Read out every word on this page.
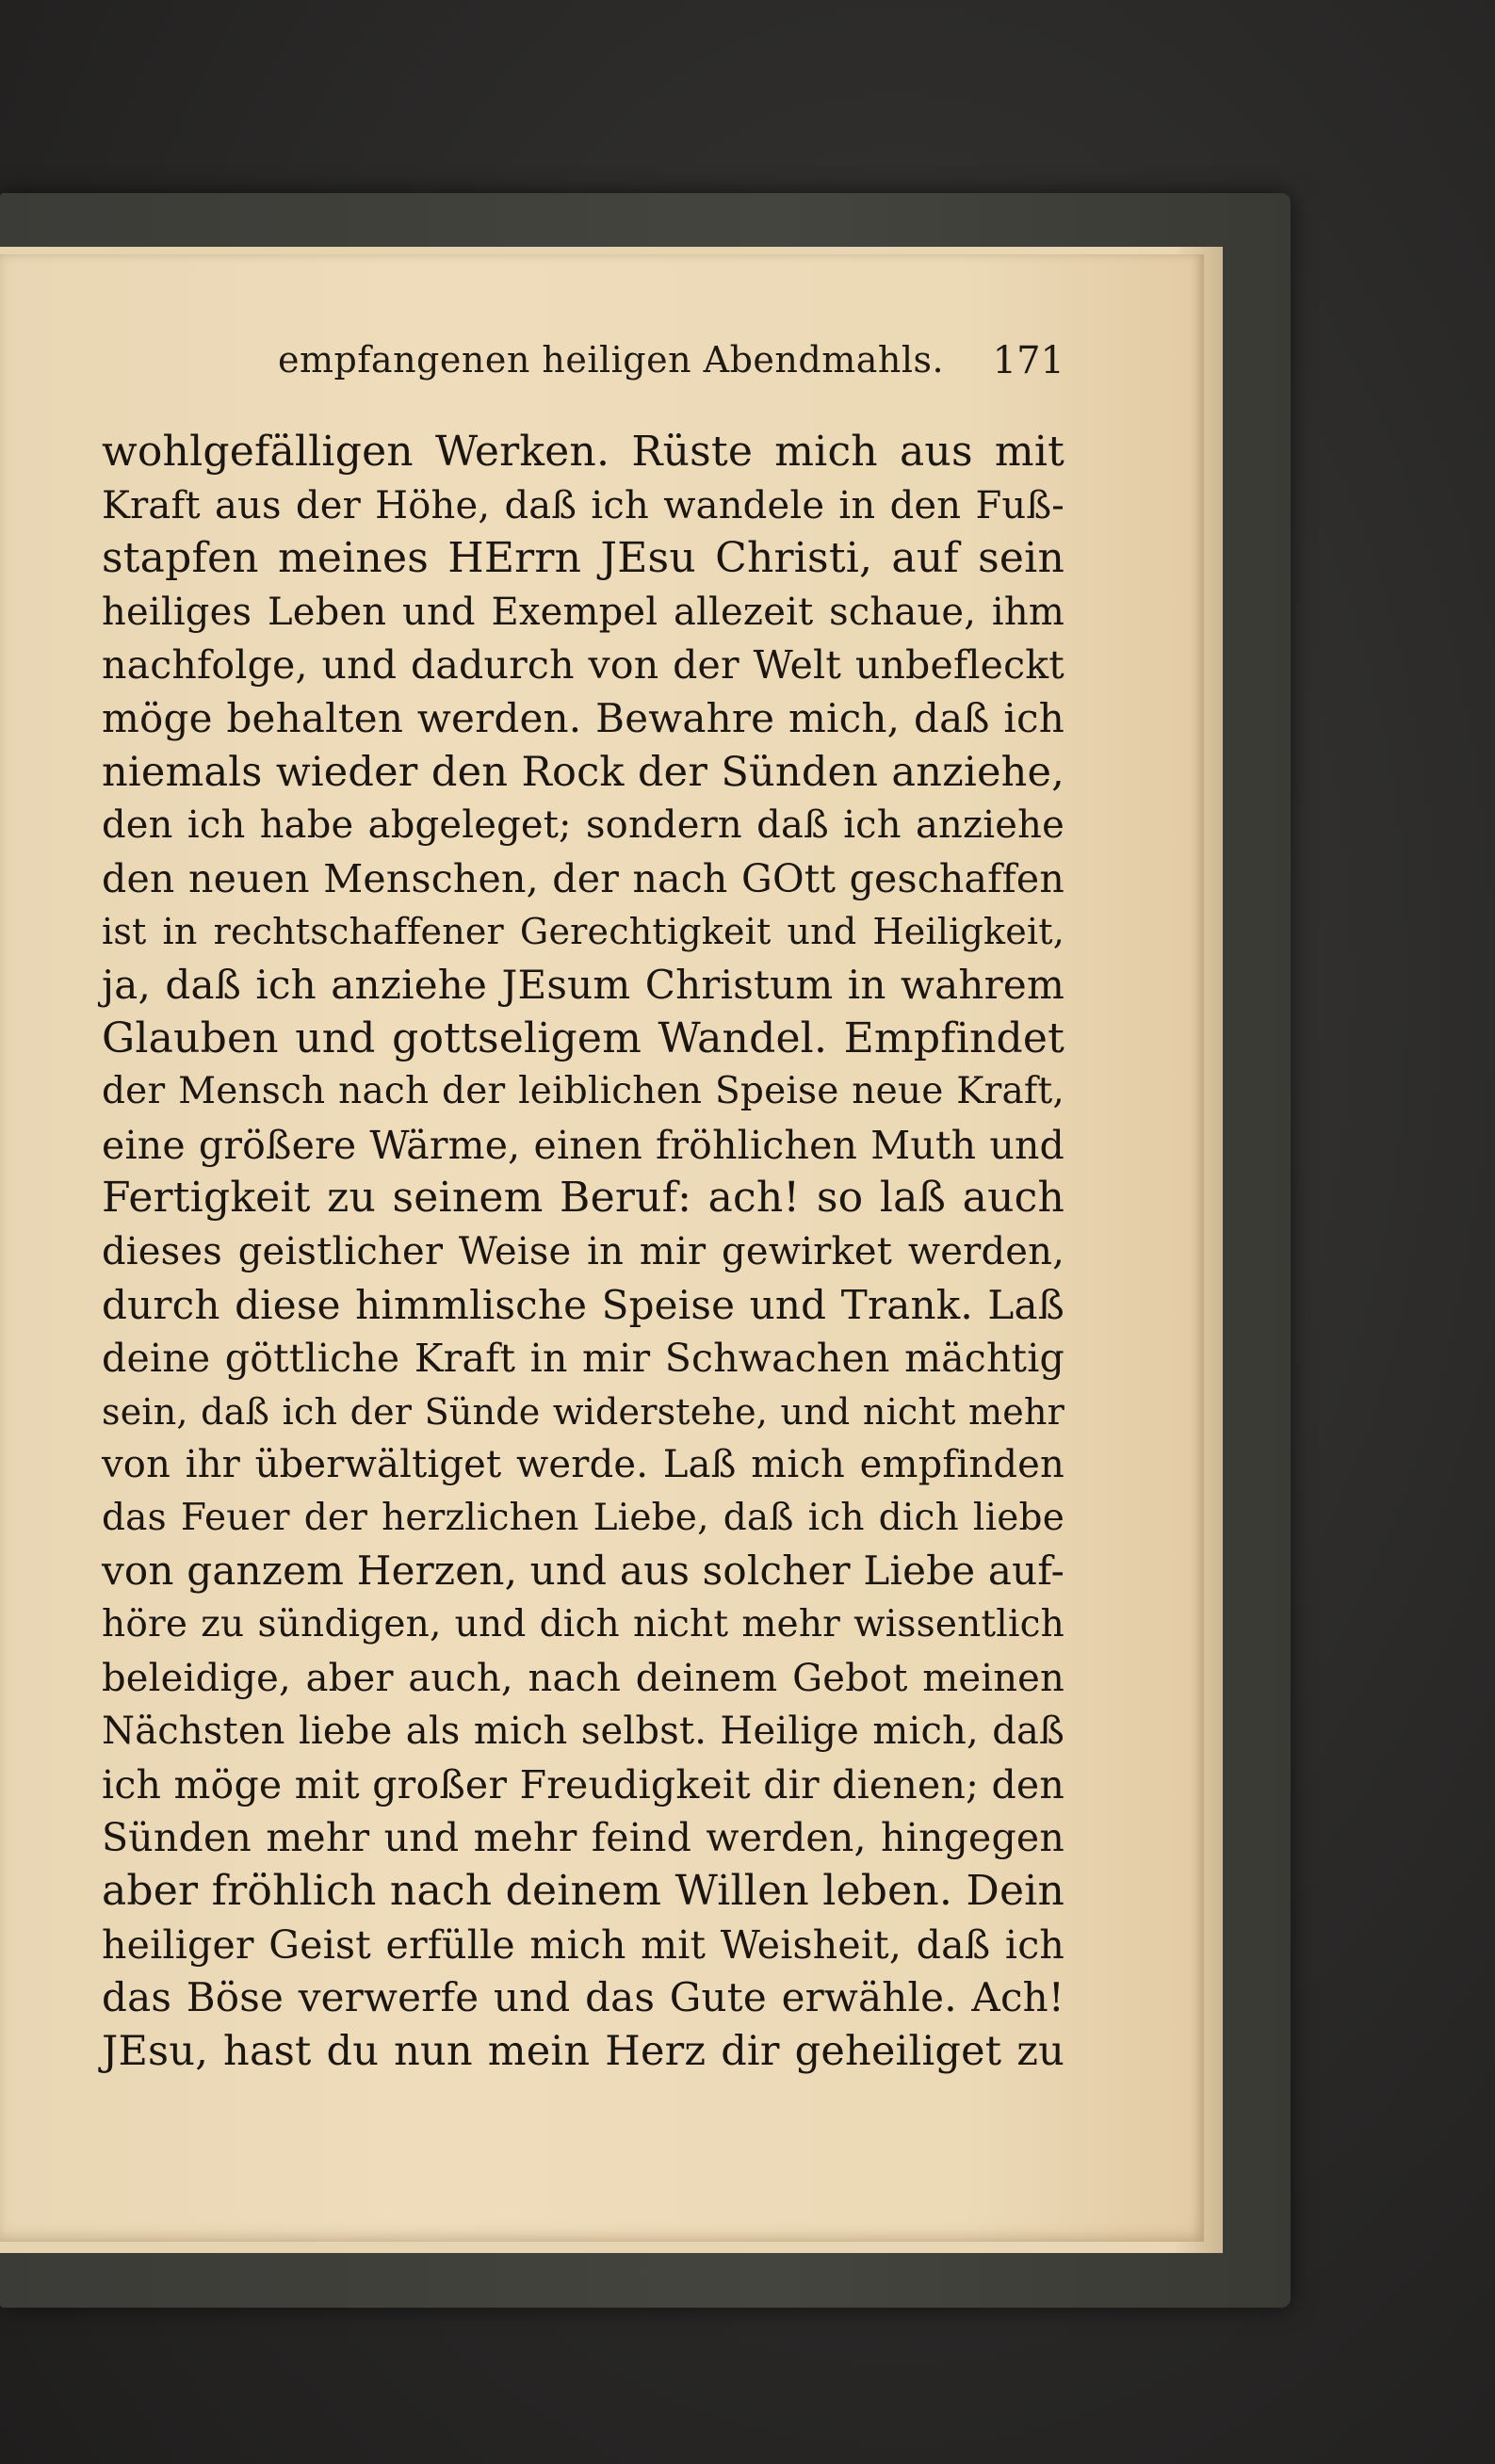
empfangenen heiligen Abendmahls. 171
wohlgefälligen Werken. Rüste mich aus mit
Kraft aus der Höhe, daß ich wandele in den Fuß-
stapfen meines HErrn JEsu Christi, auf sein
heiliges Leben und Exempel allezeit schaue, ihm
nachfolge, und dadurch von der Welt unbefleckt
möge behalten werden. Bewahre mich, daß ich
niemals wieder den Rock der Sünden anziehe,
den ich habe abgeleget; sondern daß ich anziehe
den neuen Menschen, der nach GOtt geschaffen
ist in rechtschaffener Gerechtigkeit und Heiligkeit,
ja, daß ich anziehe JEsum Christum in wahrem
Glauben und gottseligem Wandel. Empfindet
der Mensch nach der leiblichen Speise neue Kraft,
eine größere Wärme, einen fröhlichen Muth und
Fertigkeit zu seinem Beruf: ach! so laß auch
dieses geistlicher Weise in mir gewirket werden,
durch diese himmlische Speise und Trank. Laß
deine göttliche Kraft in mir Schwachen mächtig
sein, daß ich der Sünde widerstehe, und nicht mehr
von ihr überwältiget werde. Laß mich empfinden
das Feuer der herzlichen Liebe, daß ich dich liebe
von ganzem Herzen, und aus solcher Liebe auf-
höre zu sündigen, und dich nicht mehr wissentlich
beleidige, aber auch, nach deinem Gebot meinen
Nächsten liebe als mich selbst. Heilige mich, daß
ich möge mit großer Freudigkeit dir dienen; den
Sünden mehr und mehr feind werden, hingegen
aber fröhlich nach deinem Willen leben. Dein
heiliger Geist erfülle mich mit Weisheit, daß ich
das Böse verwerfe und das Gute erwähle. Ach!
JEsu, hast du nun mein Herz dir geheiliget zu
